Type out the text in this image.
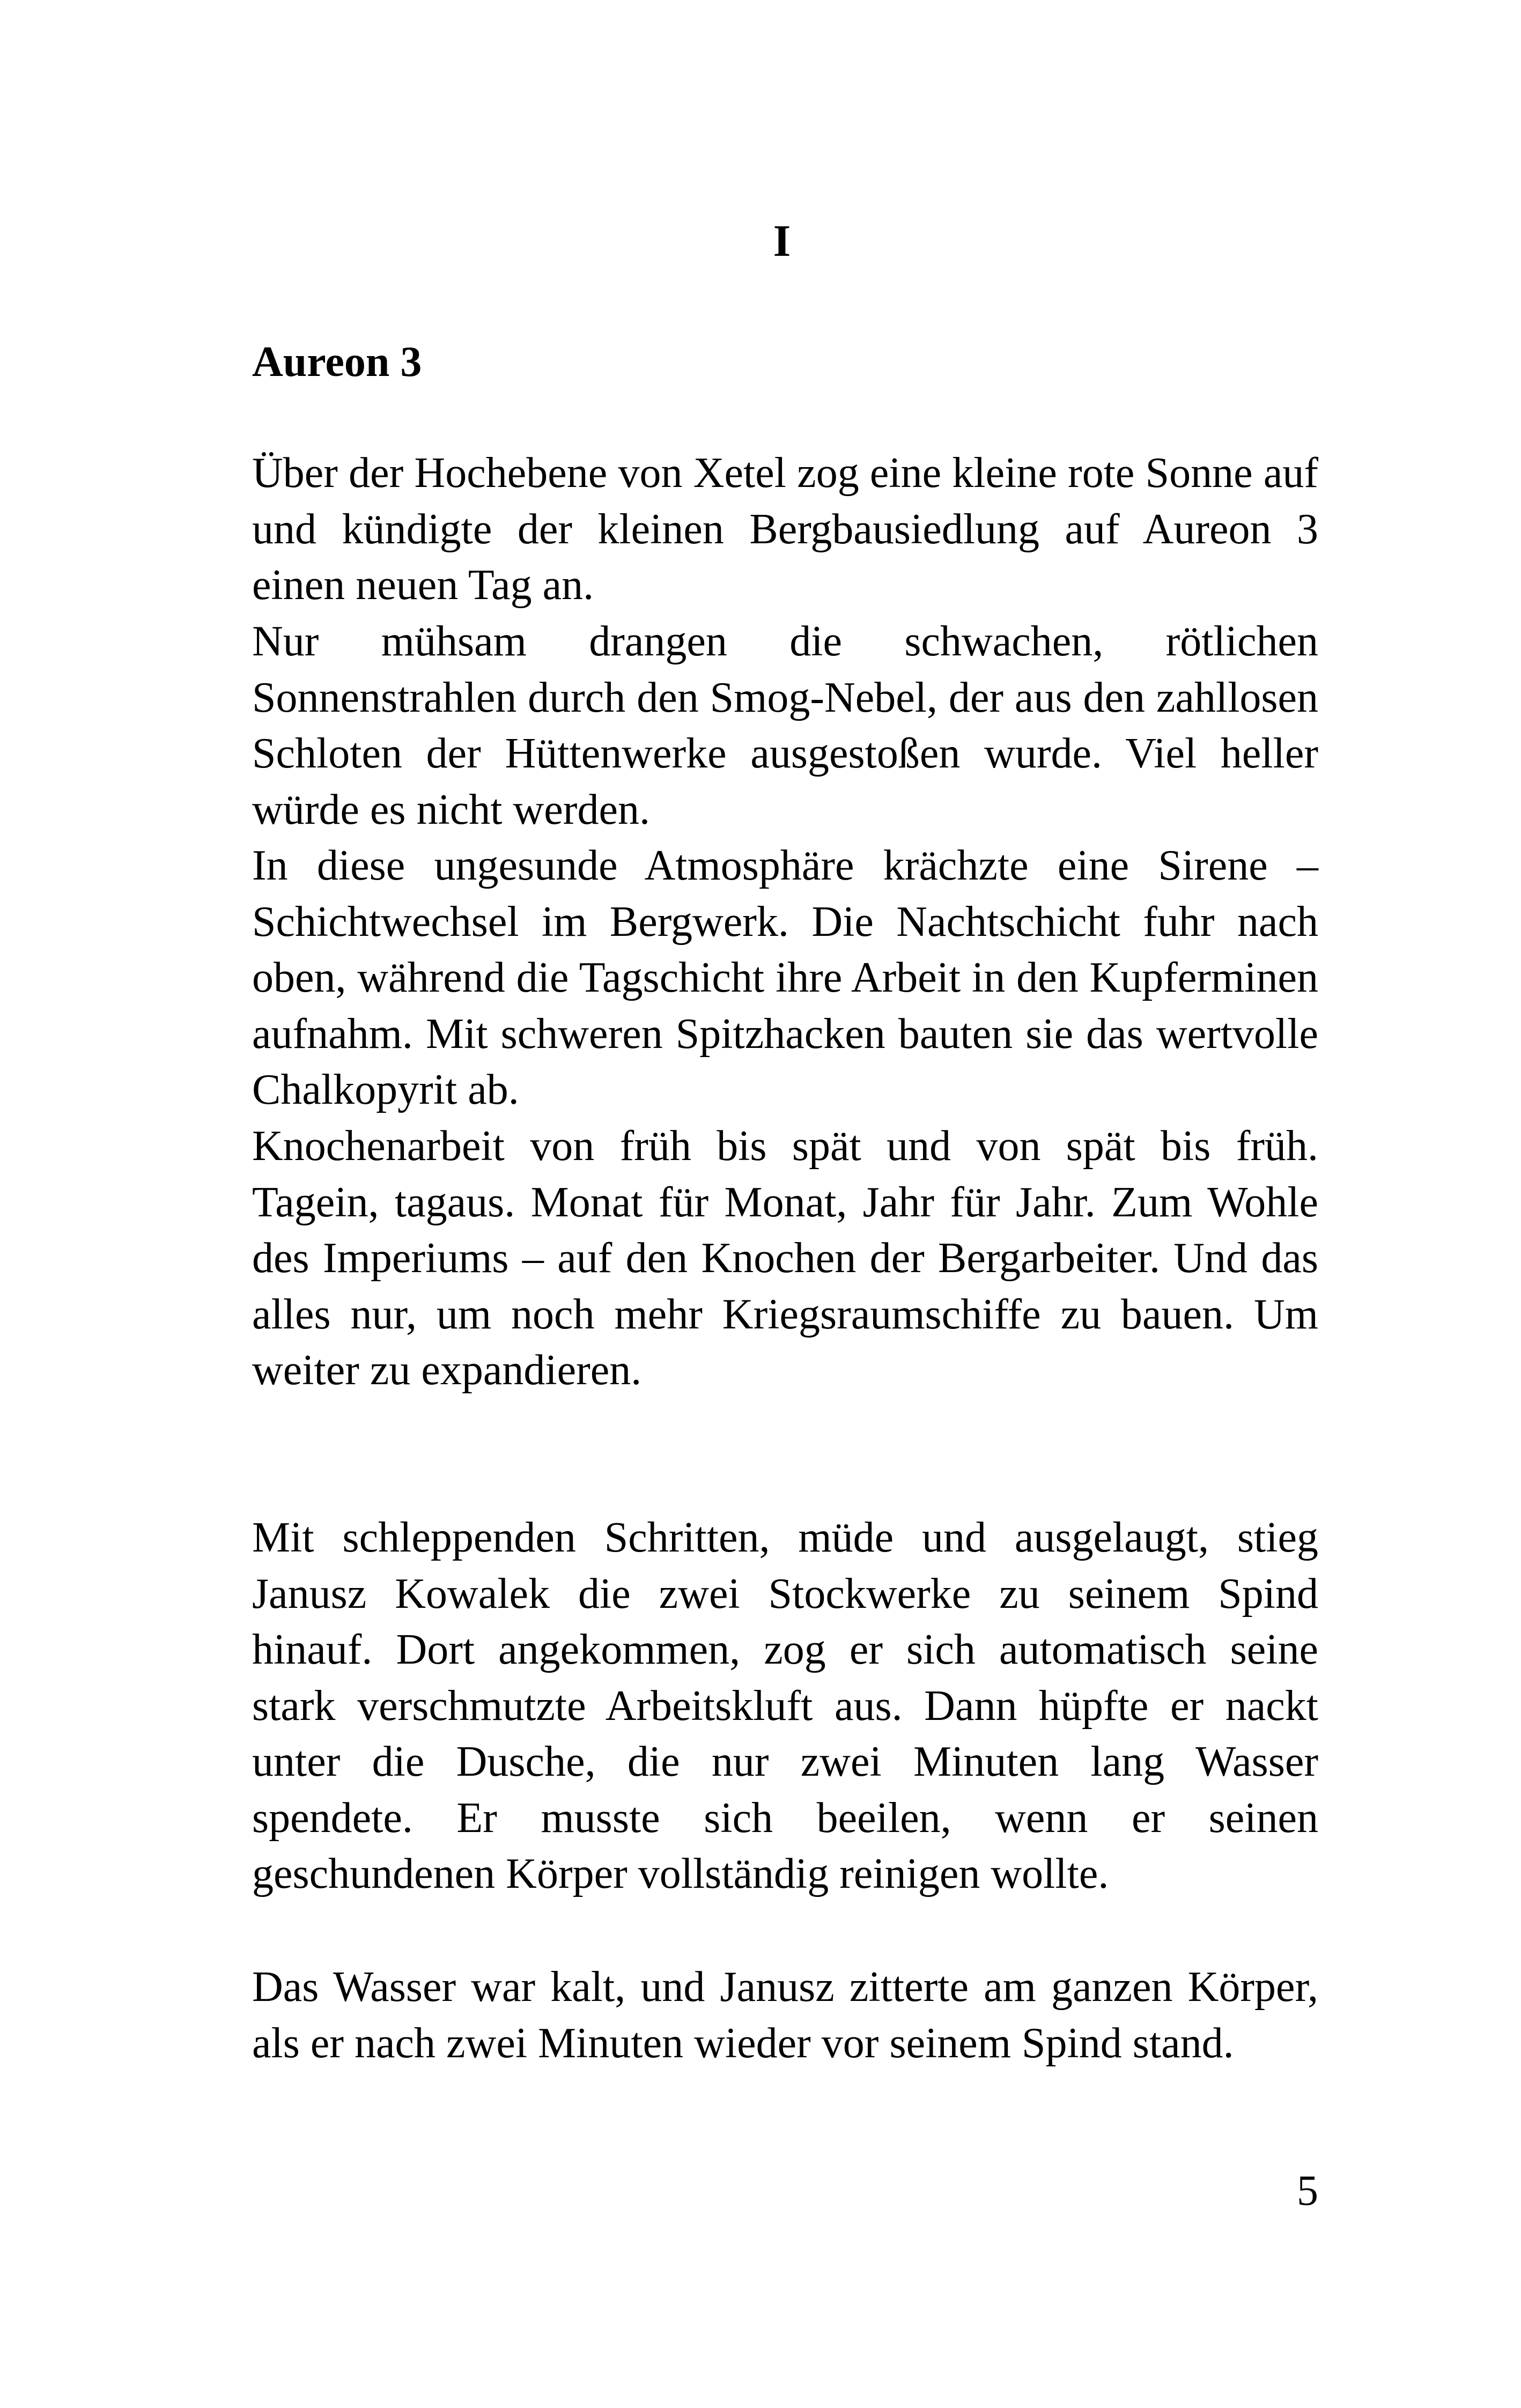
I
Aureon 3

Über der Hochebene von Xetel zog eine kleine rote Sonne auf und kündigte der kleinen Bergbausiedlung auf Aureon 3 einen neuen Tag an.

Nur mühsam drangen die schwachen, rötlichen Sonnenstrahlen durch den Smog-Nebel, der aus den zahllosen Schloten der Hüttenwerke ausgestoßen wurde. Viel heller würde es nicht werden.

In diese ungesunde Atmosphäre krächzte eine Sirene – Schichtwechsel im Bergwerk. Die Nachtschicht fuhr nach oben, während die Tagschicht ihre Arbeit in den Kupferminen aufnahm. Mit schweren Spitzhacken bauten sie das wertvolle Chalkopyrit ab.

Knochenarbeit von früh bis spät und von spät bis früh. Tagein, tagaus. Monat für Monat, Jahr für Jahr. Zum Wohle des Imperiums – auf den Knochen der Bergarbeiter. Und das alles nur, um noch mehr Kriegsraumschiffe zu bauen. Um weiter zu expandieren.

Mit schleppenden Schritten, müde und ausgelaugt, stieg Janusz Kowalek die zwei Stockwerke zu seinem Spind hinauf. Dort angekommen, zog er sich automatisch seine stark verschmutzte Arbeitskluft aus. Dann hüpfte er nackt unter die Dusche, die nur zwei Minuten lang Wasser spendete. Er musste sich beeilen, wenn er seinen geschundenen Körper vollständig reinigen wollte.

Das Wasser war kalt, und Janusz zitterte am ganzen Körper, als er nach zwei Minuten wieder vor seinem Spind stand.

5
